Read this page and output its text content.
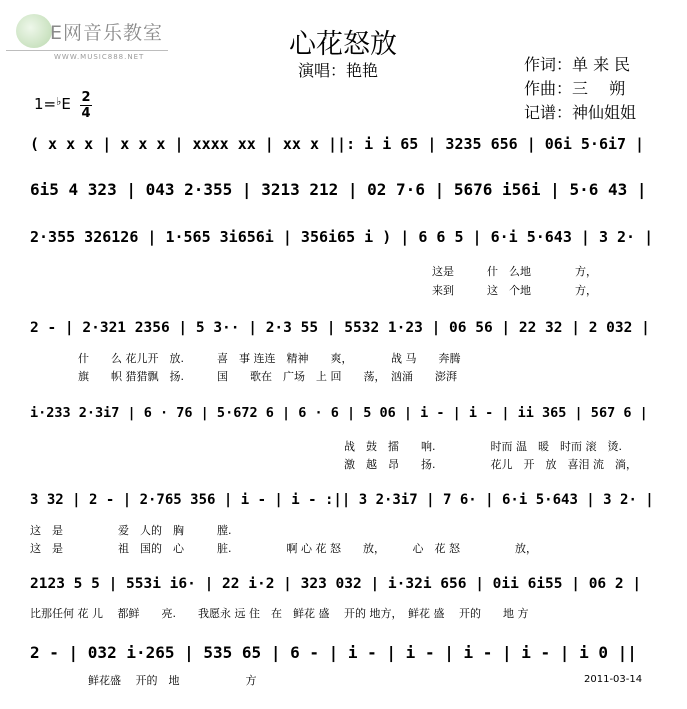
E网音乐教室
WWW.MUSIC888.NET	心花怒放
演唱：艳艳	作词：单 来 民
作曲：三　 朔
记谱：神仙姐姐
1=♭E 2
4
( x x x | x x x | xxxx xx | xx x ||: i i 65 | 3235 656 | 06i 5·6i7 |
6i5 4 323 | 043 2·355 | 3213 212 | 02 7·6 | 5676 i56i | 5·6 43 |
2·355 326126 | 1·565 3i656i | 356i65 i ) | 6 6 5 | 6·i 5·643 | 3 2· |
这是　　　什　么地　　　　方，
来到　　　这　个地　　　　方，
2 - | 2·321 2356 | 5 3·· | 2·3 55 | 5532 1·23 | 06 56 | 22 32 | 2 032 |
什　　么 花儿开　放.　　　喜　事 连连　精神　　爽，　　　　战 马　　奔腾
旗　　帜 猎猎飘　扬.　　　国　　歌在　广场　上 回　　荡，　汹涌　　澎湃
i·233 2·3i7 | 6 · 76 | 5·672 6 | 6 · 6 | 5 06 | i - | i - | ii 365 | 567 6 |
战　鼓　擂　　响.　　　　　时而 温　暖　时而 滚　烫.
激　越　昂　　扬.　　　　　花儿　开　放　喜泪 流　淌，
3 32 | 2 - | 2·765 356 | i - | i - :|| 3 2·3i7 | 7 6· | 6·i 5·643 | 3 2· |
这　是　　　　　爱　人的　胸　　　膛.
这　是　　　　　祖　国的　心　　　脏.　　　　　啊 心 花 怒　　放，　　　心　花 怒　　　　　放，
2123 5 5 | 553i i6· | 22 i·2 | 323 032 | i·32i 656 | 0ii 6i55 | 06 2 |
比那任何 花 儿　 都鲜　　亮.　　我愿永 远 住　在　鲜花 盛　 开的 地方，　鲜花 盛　 开的　　地 方
2 - | 032 i·265 | 535 65 | 6 - | i - | i - | i - | i - | i 0 ||
鲜花盛　 开的　地　　　　　　方	2011-03-14
